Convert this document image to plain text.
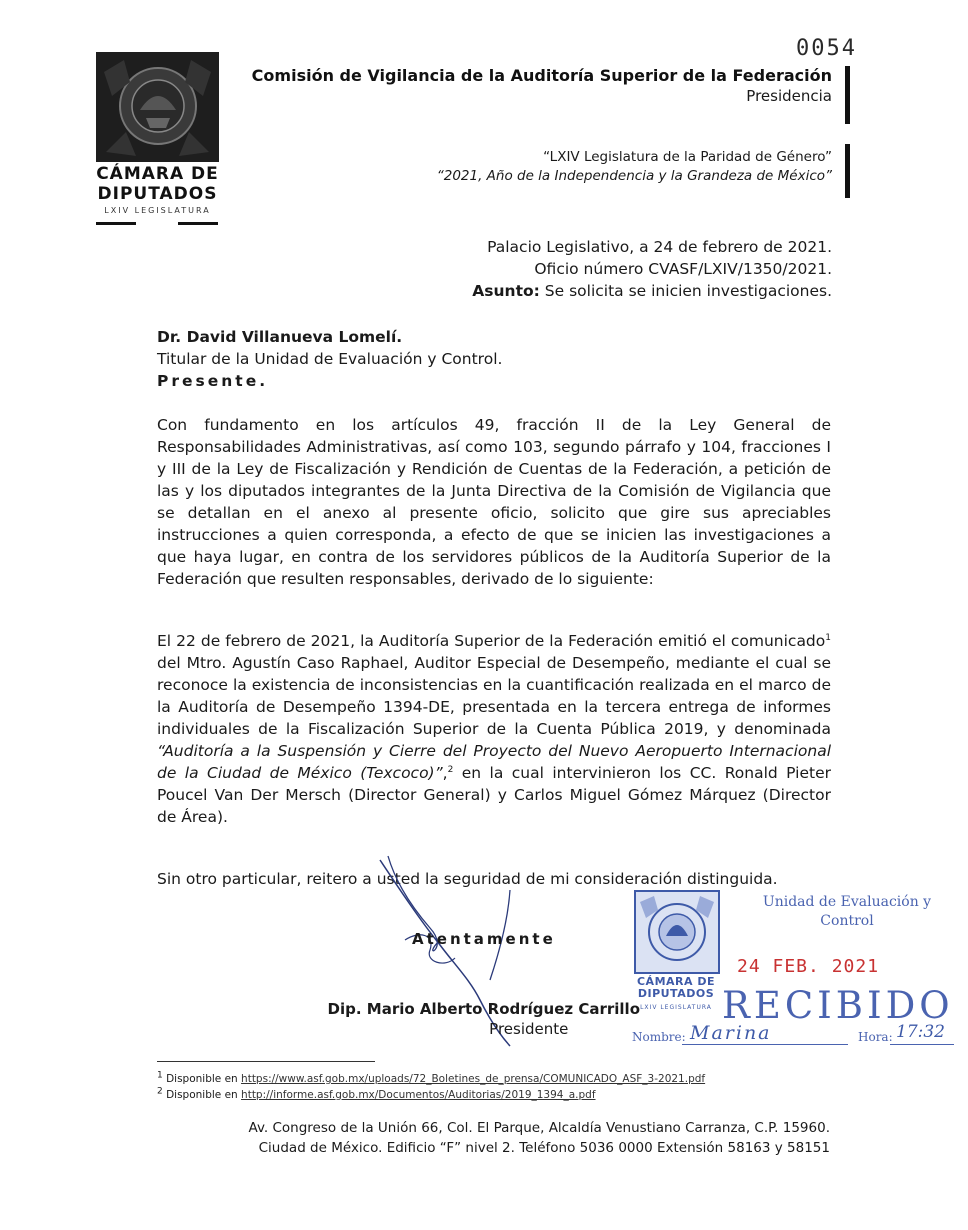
0054
CÁMARA DE
DIPUTADOS
LXIV LEGISLATURA
Comisión de Vigilancia de la Auditoría Superior de la Federación
Presidencia
“LXIV Legislatura de la Paridad de Género”
“2021, Año de la Independencia y la Grandeza de México”
Palacio Legislativo, a 24 de febrero de 2021.
Oficio número CVASF/LXIV/1350/2021.
Asunto: Se solicita se inicien investigaciones.
Dr. David Villanueva Lomelí.
Titular de la Unidad de Evaluación y Control.
Presente.

Con fundamento en los artículos 49, fracción II de la Ley General de Responsabilidades Administrativas, así como 103, segundo párrafo y 104, fracciones I y III de la Ley de Fiscalización y Rendición de Cuentas de la Federación, a petición de las y los diputados integrantes de la Junta Directiva de la Comisión de Vigilancia que se detallan en el anexo al presente oficio, solicito que gire sus apreciables instrucciones a quien corresponda, a efecto de que se inicien las investigaciones a que haya lugar, en contra de los servidores públicos de la Auditoría Superior de la Federación que resulten responsables, derivado de lo siguiente:

El 22 de febrero de 2021, la Auditoría Superior de la Federación emitió el comunicado$^1$ del Mtro. Agustín Caso Raphael, Auditor Especial de Desempeño, mediante el cual se reconoce la existencia de inconsistencias en la cuantificación realizada en el marco de la Auditoría de Desempeño 1394-DE, presentada en la tercera entrega de informes individuales de la Fiscalización Superior de la Cuenta Pública 2019, y denominada “Auditoría a la Suspensión y Cierre del Proyecto del Nuevo Aeropuerto Internacional de la Ciudad de México (Texcoco)”,$^2$ en la cual intervinieron los CC. Ronald Pieter Poucel Van Der Mersch (Director General) y Carlos Miguel Gómez Márquez (Director de Área).

Sin otro particular, reitero a usted la seguridad de mi consideración distinguida.

Atentamente
Dip. Mario Alberto Rodríguez Carrillo
Presidente
CÁMARA DE
DIPUTADOS
LXIV LEGISLATURA
Unidad de Evaluación y
Control
24 FEB. 2021
RECIBIDO
Nombre: Marina	Hora: 17:32
$^1$ Disponible en https://www.asf.gob.mx/uploads/72_Boletines_de_prensa/COMUNICADO_ASF_3-2021.pdf
$^2$ Disponible en http://informe.asf.gob.mx/Documentos/Auditorias/2019_1394_a.pdf
Av. Congreso de la Unión 66, Col. El Parque, Alcaldía Venustiano Carranza, C.P. 15960.
Ciudad de México. Edificio “F” nivel 2. Teléfono 5036 0000 Extensión 58163 y 58151
